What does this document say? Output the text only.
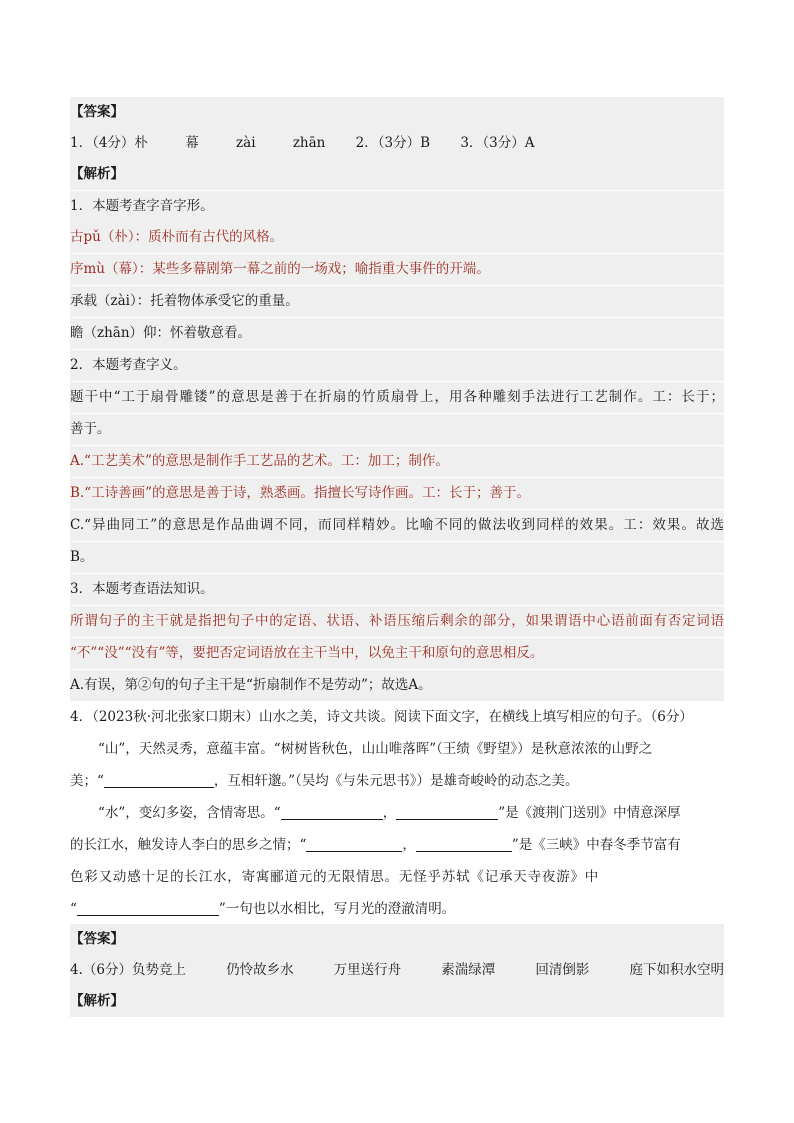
【答案】
1．（4分）朴	幕	zài	zhān 2．（3分）B 3．（3分）A
【解析】
1．本题考查字音字形。
古pǔ（朴）：质朴而有古代的风格。
序mù（幕）：某些多幕剧第一幕之前的一场戏；喻指重大事件的开端。
承载（zài）：托着物体承受它的重量。
瞻（zhān）仰：怀着敬意看。
2．本题考查字义。
题干中“工于扇骨雕镂”的意思是善于在折扇的竹质扇骨上，用各种雕刻手法进行工艺制作。工：长于；
善于。
A.“工艺美术”的意思是制作手工艺品的艺术。工：加工；制作。
B.“工诗善画”的意思是善于诗，熟悉画。指擅长写诗作画。工：长于；善于。
C.“异曲同工”的意思是作品曲调不同，而同样精妙。比喻不同的做法收到同样的效果。工：效果。故选
B。
3．本题考查语法知识。
所谓句子的主干就是指把句子中的定语、状语、补语压缩后剩余的部分，如果谓语中心语前面有否定词语
“不”“没”“没有”等，要把否定词语放在主干当中，以免主干和原句的意思相反。
A.有误，第②句的句子主干是“折扇制作不是劳动”；故选A。
4．（2023秋·河北张家口期末）山水之美，诗文共谈。阅读下面文字，在横线上填写相应的句子。（6分）
“山”，天然灵秀，意蕴丰富。“树树皆秋色，山山唯落晖”（王绩《野望》）是秋意浓浓的山野之
美；“	，互相轩邈。”（吴均《与朱元思书》）是雄奇峻岭的动态之美。
“水”，变幻多姿，含情寄思。“	，	”是《渡荆门送别》中情意深厚
的长江水，触发诗人李白的思乡之情；“	，	”是《三峡》中春冬季节富有
色彩又动感十足的长江水，寄寓郦道元的无限情思。无怪乎苏轼《记承天寺夜游》中
“	”一句也以水相比，写月光的澄澈清明。
【答案】
4.（6分）负势竞上	仍怜故乡水	万里送行舟	素湍绿潭	回清倒影	庭下如积水空明
【解析】
